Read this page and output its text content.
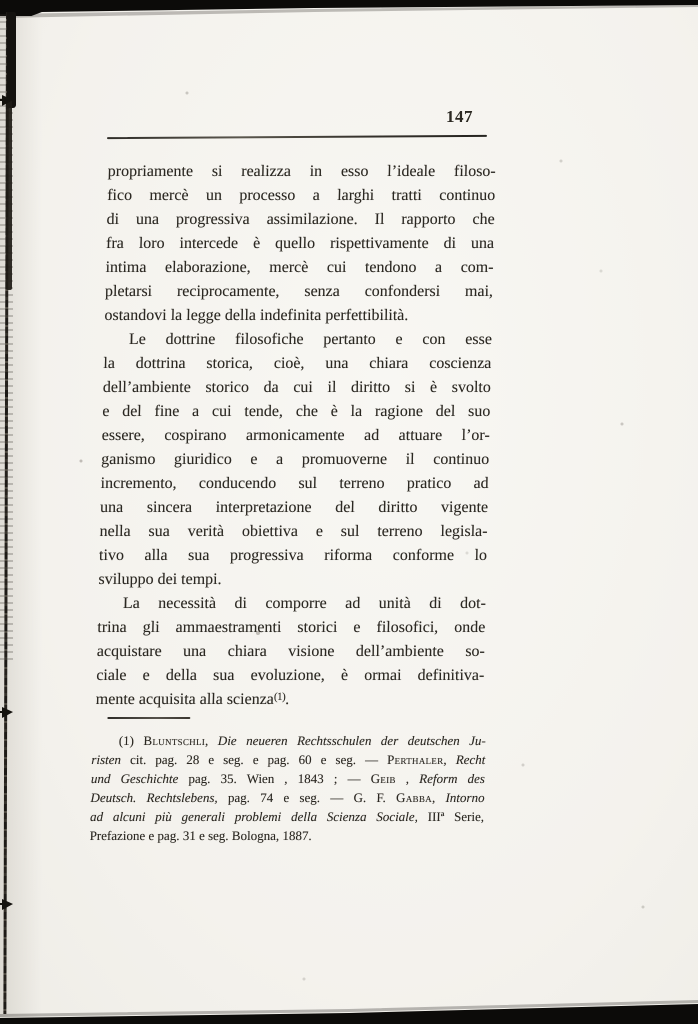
147
propriamente si realizza in esso l’ideale filoso-
fico mercè un processo a larghi tratti continuo
di una progressiva assimilazione. Il rapporto che
fra loro intercede è quello rispettivamente di una
intima elaborazione, mercè cui tendono a com-
pletarsi reciprocamente, senza confondersi mai,
ostandovi la legge della indefinita perfettibilità.
Le dottrine filosofiche pertanto e con esse
la dottrina storica, cioè, una chiara coscienza
dell’ambiente storico da cui il diritto si è svolto
e del fine a cui tende, che è la ragione del suo
essere, cospirano armonicamente ad attuare l’or-
ganismo giuridico e a promuoverne il continuo
incremento, conducendo sul terreno pratico ad
una sincera interpretazione del diritto vigente
nella sua verità obiettiva e sul terreno legisla-
tivo alla sua progressiva riforma conforme lo
sviluppo dei tempi.
La necessità di comporre ad unità di dot-
trina gli ammaestramenti storici e filosofici, onde
acquistare una chiara visione dell’ambiente so-
ciale e della sua evoluzione, è ormai definitiva-
mente acquisita alla scienza$^{(1)}$.
(1) Bluntschli, Die neueren Rechtsschulen der deutschen Ju-
risten cit. pag. 28 e seg. e pag. 60 e seg. — Perthaler, Recht
und Geschichte pag. 35. Wien , 1843 ; — Geib , Reform des
Deutsch. Rechtslebens, pag. 74 e seg. — G. F. Gabba, Intorno
ad alcuni più generali problemi della Scienza Sociale, IIIª Serie,
Prefazione e pag. 31 e seg. Bologna, 1887.
